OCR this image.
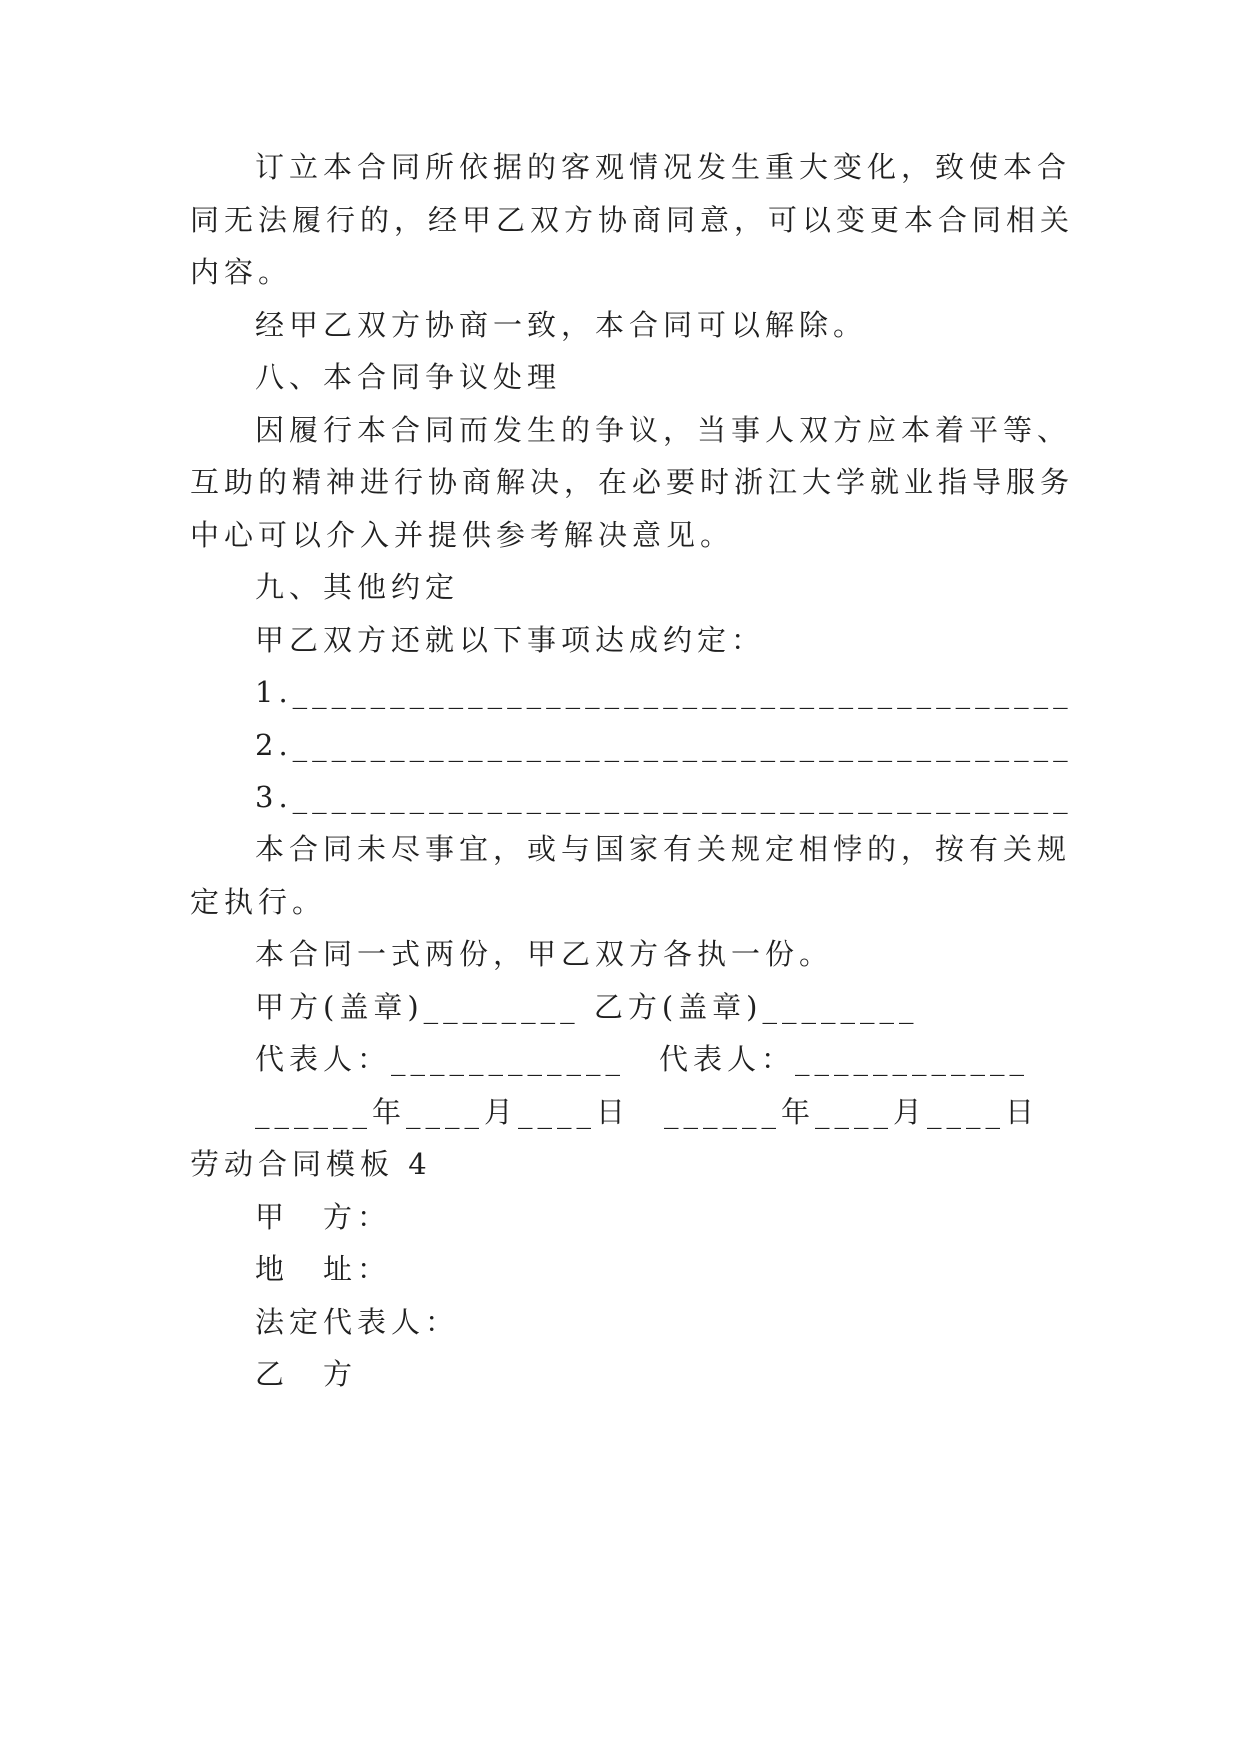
订立本合同所依据的客观情况发生重大变化，致使本合
同无法履行的，经甲乙双方协商同意，可以变更本合同相关
内容。
经甲乙双方协商一致，本合同可以解除。
八、本合同争议处理
因履行本合同而发生的争议，当事人双方应本着平等、
互助的精神进行协商解决，在必要时浙江大学就业指导服务
中心可以介入并提供参考解决意见。
九、其他约定
甲乙双方还就以下事项达成约定：
1.________________________________________
2.________________________________________
3.________________________________________
本合同未尽事宜，或与国家有关规定相悖的，按有关规
定执行。
本合同一式两份，甲乙双方各执一份。
甲方(盖章)________ 乙方(盖章)________
代表人：____________　代表人：____________
______年____月____日　______年____月____日
劳动合同模板 4
甲　方：
地　址：
法定代表人：
乙　方
